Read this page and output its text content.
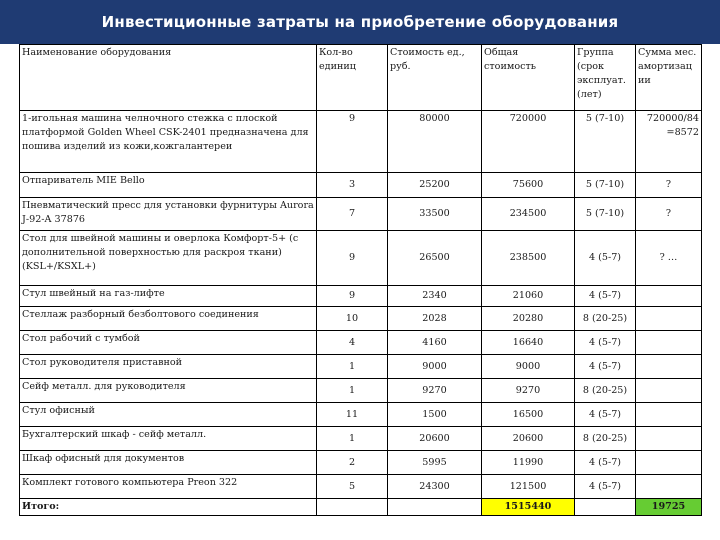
Инвестиционные затраты на приобретение оборудования
Наименование оборудования	Кол-во единиц	Стоимость ед., руб.	Общая стоимость	Группа (срок эксплуат. (лет)	Сумма мес. амортизац ии
1-игольная машина челночного стежка с плоской платформой Golden Wheel CSK-2401 предназначена для пошива изделий из кожи,кожгалантереи	9	80000	720000	5 (7-10)	720000/84 =8572
Отпариватель MIE Bello	3	25200	75600	5 (7-10)	?
Пневматический пресс для установки фурнитуры Aurora J-92-A 37876	7	33500	234500	5 (7-10)	?
Стол для швейной машины и оверлока Комфорт-5+ (с дополнительной поверхностью для раскроя ткани) (KSL+/KSXL+)	9	26500	238500	4 (5-7)	? …
Стул швейный на газ-лифте	9	2340	21060	4 (5-7)	
Стеллаж разборный безболтового соединения	10	2028	20280	8 (20-25)	
Стол рабочий с тумбой	4	4160	16640	4 (5-7)	
Стол руководителя приставной	1	9000	9000	4 (5-7)	
Сейф металл. для руководителя	1	9270	9270	8 (20-25)	
Стул офисный	11	1500	16500	4 (5-7)	
Бухгалтерский шкаф - сейф металл.	1	20600	20600	8 (20-25)	
Шкаф офисный для документов	2	5995	11990	4 (5-7)	
Комплект готового компьютера Preon 322	5	24300	121500	4 (5-7)	
Итого:			1515440		19725
